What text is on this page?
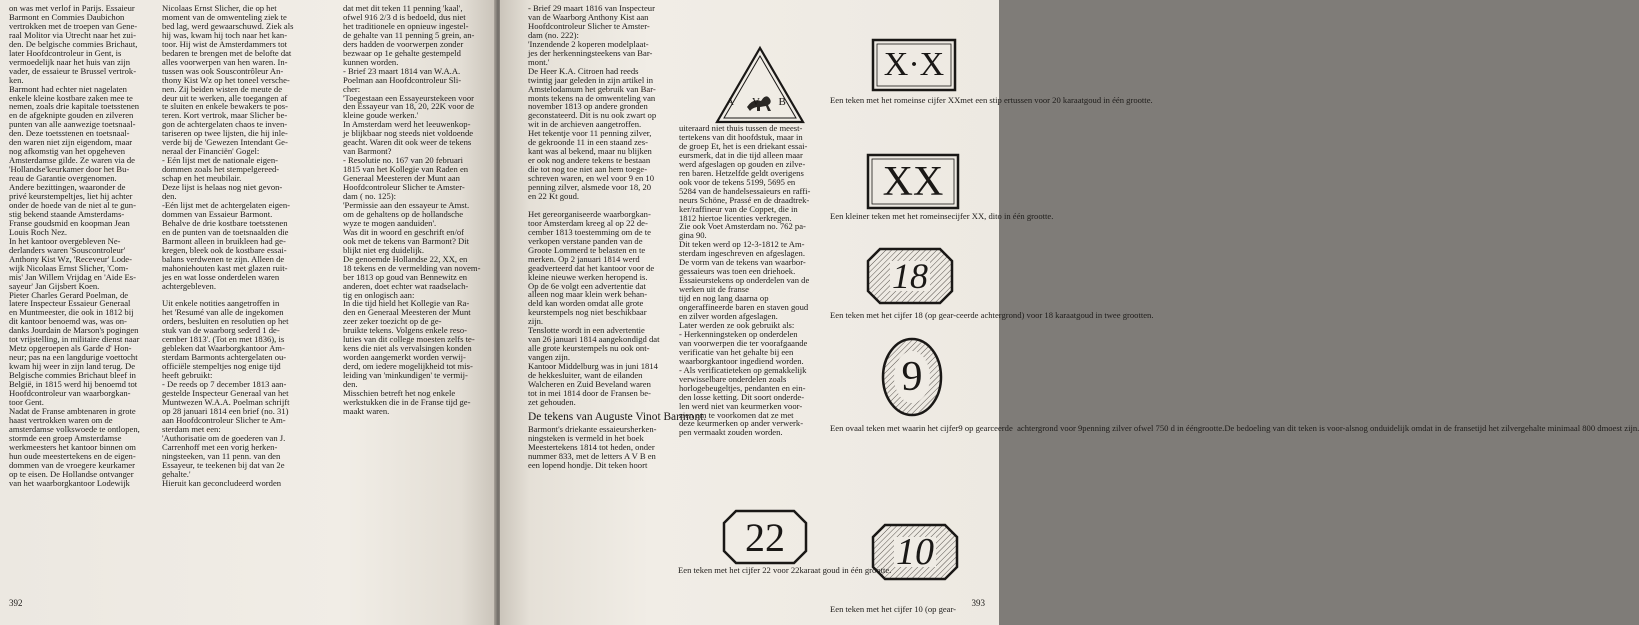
on was met verlof in Parijs. Essaieur
Barmont en Commies Daubichon
vertrokken met de troepen van Gene-
raal Molitor via Utrecht naar het zui-
den. De belgische commies Brichaut,
later Hoofdcontroleur in Gent, is
vermoedelijk naar het huis van zijn
vader, de essaieur te Brussel vertrok-
ken.
Barmont had echter niet nagelaten
enkele kleine kostbare zaken mee te
nemen, zoals drie kapitale toetsstenen
en de afgeknipte gouden en zilveren
punten van alle aanwezige toetsnaal-
den. Deze toetsstenen en toetsnaal-
den waren niet zijn eigendom, maar
nog afkomstig van het opgeheven
Amsterdamse gilde. Ze waren via de
'Hollandse'keurkamer door het Bu-
reau de Garantie overgenomen.
Andere bezittingen, waaronder de
privé keurstempeltjes, liet hij achter
onder de hoede van de niet al te gun-
stig bekend staande Amsterdams-
Franse goudsmid en koopman Jean
Louis Roch Nez.
In het kantoor overgebleven Ne-
derlanders waren 'Souscontroleur'
Anthony Kist Wz, 'Receveur' Lode-
wijk Nicolaas Ernst Slicher, 'Com-
mis' Jan Willem Vrijdag en 'Aide Es-
sayeur' Jan Gijsbert Koen.
Pieter Charles Gerard Poelman, de
latere Inspecteur Essaieur Generaal
en Muntmeester, die ook in 1812 bij
dit kantoor benoemd was, was on-
danks Jourdain de Marson's pogingen
tot vrijstelling, in militaire dienst naar
Metz opgeroepen als Garde d' Hon-
neur; pas na een langdurige voettocht
kwam hij weer in zijn land terug. De
Belgische commies Brichaut bleef in
België, in 1815 werd hij benoemd tot
Hoofdcontroleur van waarborgkan-
toor Gent.
Nadat de Franse ambtenaren in grote
haast vertrokken waren om de
amsterdamse volkswoede te ontlopen,
stormde een groep Amsterdamse
werkmeesters het kantoor binnen om
hun oude meestertekens en de eigen-
dommen van de vroegere keurkamer
op te eisen. De Hollandse ontvanger
van het waarborgkantoor Lodewijk
Nicolaas Ernst Slicher, die op het
moment van de omwenteling ziek te
bed lag, werd gewaarschuwd. Ziek als
hij was, kwam hij toch naar het kan-
toor. Hij wist de Amsterdammers tot
bedaren te brengen met de belofte dat
alles voorwerpen van hen waren. In-
tussen was ook Souscontrôleur An-
thony Kist Wz op het toneel versche-
nen. Zij beiden wisten de meute de
deur uit te werken, alle toegangen af
te sluiten en enkele bewakers te pos-
teren. Kort vertrok, maar Slicher be-
gon de achtergelaten chaos te inven-
tariseren op twee lijsten, die hij inle-
verde bij de 'Gewezen Intendant Ge-
neraal der Financiën' Gogel:
- Eén lijst met de nationale eigen-
dommen zoals het stempelgereed-
schap en het meubilair.
Deze lijst is helaas nog niet gevon-
den.
-Eén lijst met de achtergelaten eigen-
dommen van Essaieur Barmont.
Behalve de drie kostbare toetsstenen
en de punten van de toetsnaalden die
Barmont alleen in bruikleen had ge-
kregen, bleek ook de kostbare essai-
balans verdwenen te zijn. Alleen de
mahoniehouten kast met glazen ruit-
jes en wat losse onderdelen waren
achtergebleven.
Uit enkele notities aangetroffen in
het 'Resumé van alle de ingekomen
orders, besluiten en resolutien op het
stuk van de waarborg sederd 1 de-
cember 1813'. (Tot en met 1836), is
gebleken dat Waarborgkantoor Am-
sterdam Barmonts achtergelaten ou-
officiële stempeltjes nog enige tijd
heeft gebruikt:
- De reeds op 7 december 1813 aan-
gestelde Inspecteur Generaal van het
Muntwezen W.A.A. Poelman schrijft
op 28 januari 1814 een brief (no. 31)
aan Hoofdcontroleur Slicher te Am-
sterdam met een:
'Authorisatie om de goederen van J.
Carrenhoff met een vorig herken-
ningsteeken, van 11 penn. van den
Essayeur, te teekenen bij dat van 2e
gehalte.'
Hieruit kan geconcludeerd worden
dat met dit teken 11 penning 'kaal',
ofwel 916 2/3 d is bedoeld, dus niet
het traditionele en opnieuw ingestel-
de gehalte van 11 penning 5 grein, an-
ders hadden de voorwerpen zonder
bezwaar op 1e gehalte gestempeld
kunnen worden.
- Brief 23 maart 1814 van W.A.A.
Poelman aan Hoofdcontroleur Sli-
cher:
'Toegestaan een Essayeurstekeen voor
den Essayeur van 18, 20, 22K voor de
kleine goude werken.'
In Amsterdam werd het leeuwenkop-
je blijkbaar nog steeds niet voldoende
geacht. Waren dit ook weer de tekens
van Barmont?
- Resolutie no. 167 van 20 februari
1815 van het Kollegie van Raden en
Generaal Meesteren der Munt aan
Hoofdcontroleur Slicher te Amster-
dam ( no. 125):
'Permissie aan den essayeur te Amst.
om de gehaltens op de hollandsche
wyze te mogen aanduiden'.
Was dit in woord en geschrift en/of
ook met de tekens van Barmont? Dit
blijkt niet erg duidelijk.
De genoemde Hollandse 22, XX, en
18 tekens en de vermelding van novem-
ber 1813 op goud van Bennewitz en
anderen, doet echter wat raadselach-
tig en onlogisch aan:
In die tijd hield het Kollegie van Ra-
den en Generaal Meesteren der Munt
zeer zeker toezicht op de ge-
bruikte tekens. Volgens enkele reso-
luties van dit college moesten zelfs te-
kens die niet als vervalsingen konden
worden aangemerkt worden verwij-
derd, om iedere mogelijkheid tot mis-
leiding van 'minkundigen' te vermij-
den.
Misschien betreft het nog enkele
werkstukken die in de Franse tijd ge-
maakt waren.
392
- Brief 29 maart 1816 van Inspecteur
van de Waarborg Anthony Kist aan
Hoofdcontroleur Slicher te Amster-
dam (no. 222):
'Inzendende 2 koperen modelplaat-
jes der herkenningsteekens van Bar-
mont.'
De Heer K.A. Citroen had reeds
twintig jaar geleden in zijn artikel in
Amstelodamum het gebruik van Bar-
monts tekens na de omwenteling van
november 1813 op andere gronden
geconstateerd. Dit is nu ook zwart op
wit in de archieven aangetroffen.
Het tekentje voor 11 penning zilver,
de gekroonde 11 in een staand zes-
kant was al bekend, maar nu blijken
er ook nog andere tekens te bestaan
die tot nog toe niet aan hem toege-
schreven waren, en wel voor 9 en 10
penning zilver, alsmede voor 18, 20
en 22 Kt goud.
Het gereorganiseerde waarborgkan-
toor Amsterdam kreeg al op 22 de-
cember 1813 toestemming om de te
verkopen verstane panden van de
Groote Lommerd te belasten en te
merken. Op 2 januari 1814 werd
geadverteerd dat het kantoor voor de
kleine nieuwe werken heropend is.
Op de 6e volgt een advertentie dat
alleen nog maar klein werk behan-
deld kan worden omdat alle grote
keurstempels nog niet beschikbaar
zijn.
Tenslotte wordt in een advertentie
van 26 januari 1814 aangekondigd dat
alle grote keurstempels nu ook ont-
vangen zijn.
Kantoor Middelburg was in juni 1814
de hekkesluiter, want de eilanden
Walcheren en Zuid Beveland waren
tot in mei 1814 door de Fransen be-
zet gehouden.
De tekens van Auguste Vinot Barmont.
Barmont's driekante essaieursherken-
ningsteken is vermeld in het boek
Meestertekens 1814 tot heden, onder
nummer 833, met de letters A V B en
een lopend hondje. Dit teken hoort
uiteraard niet thuis tussen de meest-
tertekens van dit hoofdstuk, maar in
de groep Et, het is een driekant essai-
eursmerk, dat in die tijd alleen maar
werd afgeslagen op gouden en zilve-
ren baren. Hetzelfde geldt overigens
ook voor de tekens 5199, 5695 en
5284 van de handelsessaieurs en raffi-
neurs Schöne, Prassé en de draadtrek-
ker/raffineur van de Coppet, die in
1812 hiertoe licenties verkregen.
Zie ook Voet Amsterdam no. 762 pa-
gina 90.
Dit teken werd op 12-3-1812 te Am-
sterdam ingeschreven en afgeslagen.
De vorm van de tekens van waarbor-
gessaieurs was toen een driehoek.
Essaieurstekens op onderdelen van de
werken uit de franse
tijd en nog lang daarna op
ongeraffineerde baren en staven goud
en zilver worden afgeslagen.
Later werden ze ook gebruikt als:
- Herkenningsteken op onderdelen
van voorwerpen die ter voorafgaande
verificatie van het gehalte bij een
waarborgkantoor ingediend worden.
- Als verificatieteken op gemakkelijk
verwisselbare onderdelen zoals
horlogebeugeltjes, pendanten en ein-
den losse ketting. Dit soort onderde-
len werd niet van keurmerken voor-
zien om te voorkomen dat ze met
deze keurmerken op ander verwerk-
pen vermaakt zouden worden.
393
A V B
X·X
XX
18
9
22	10
Een teken met het romeinse cijfer XXmet een stip ertussen voor 20 karaatgoud in één grootte.
Een kleiner teken met het romeinsecijfer XX, dito in één grootte.
Een teken met het cijfer 18 (op gear-ceerde achtergrond) voor 18 karaatgoud in twee grootten.
Een ovaal teken met waarin het cijfer9 op gearceerde  achtergrond voor 9penning zilver ofwel 750 d in ééngrootte.De bedoeling van dit teken is voor-alsnog onduidelijk omdat in de fransetijd het zilvergehalte minimaal 800 dmoest zijn.
Een teken met het cijfer 22 voor 22karaat goud in één grootte.
Een teken met het cijfer 10 (op gear-
